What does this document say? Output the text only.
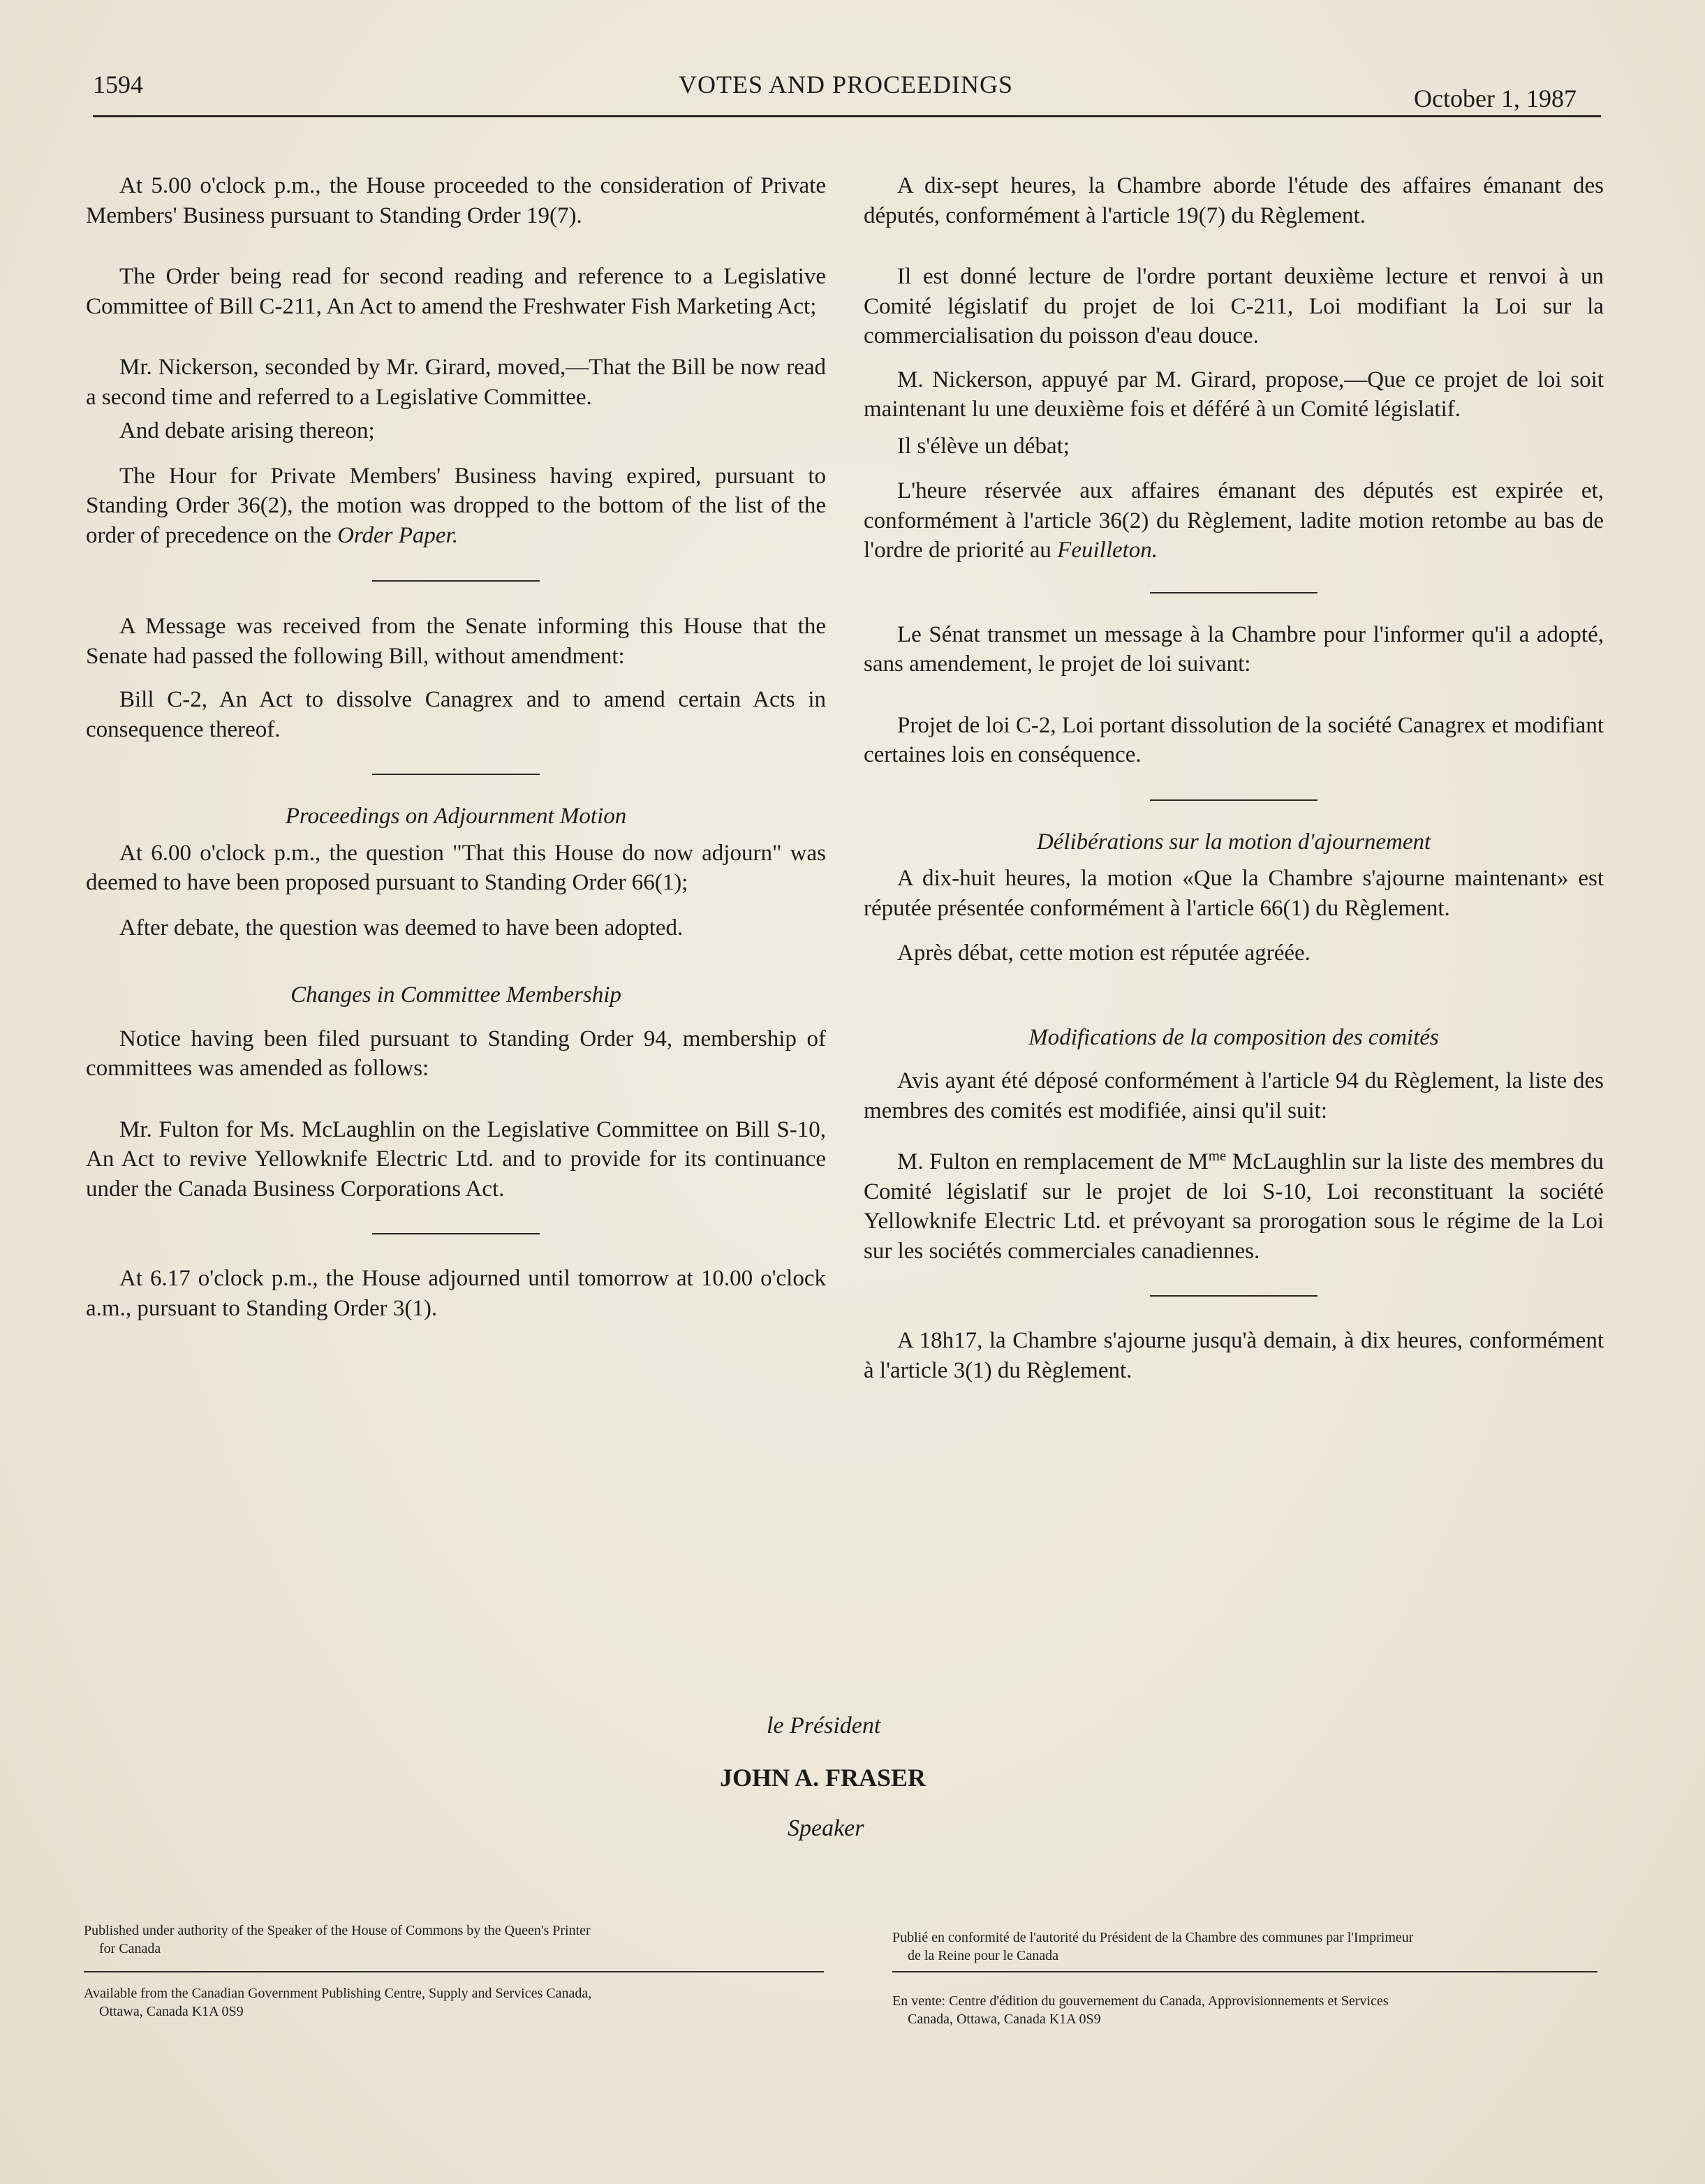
1594	VOTES AND PROCEEDINGS	October 1, 1987

At 5.00 o'clock p.m., the House proceeded to the consideration of Private Members' Business pursuant to Standing Order 19(7).

The Order being read for second reading and reference to a Legislative Committee of Bill C-211, An Act to amend the Freshwater Fish Marketing Act;

Mr. Nickerson, seconded by Mr. Girard, moved,—That the Bill be now read a second time and referred to a Legislative Committee.

And debate arising thereon;

The Hour for Private Members' Business having expired, pursuant to Standing Order 36(2), the motion was dropped to the bottom of the list of the order of precedence on the Order Paper.

A Message was received from the Senate informing this House that the Senate had passed the following Bill, without amendment:

Bill C-2, An Act to dissolve Canagrex and to amend certain Acts in consequence thereof.

Proceedings on Adjournment Motion

At 6.00 o'clock p.m., the question "That this House do now adjourn" was deemed to have been proposed pursuant to Standing Order 66(1);

After debate, the question was deemed to have been adopted.

Changes in Committee Membership

Notice having been filed pursuant to Standing Order 94, membership of committees was amended as follows:

Mr. Fulton for Ms. McLaughlin on the Legislative Committee on Bill S-10, An Act to revive Yellowknife Electric Ltd. and to provide for its continuance under the Canada Business Corporations Act.

At 6.17 o'clock p.m., the House adjourned until tomorrow at 10.00 o'clock a.m., pursuant to Standing Order 3(1).

A dix-sept heures, la Chambre aborde l'étude des affaires émanant des députés, conformément à l'article 19(7) du Règlement.

Il est donné lecture de l'ordre portant deuxième lecture et renvoi à un Comité législatif du projet de loi C-211, Loi modifiant la Loi sur la commercialisation du poisson d'eau douce.

M. Nickerson, appuyé par M. Girard, propose,—Que ce projet de loi soit maintenant lu une deuxième fois et déféré à un Comité législatif.

Il s'élève un débat;

L'heure réservée aux affaires émanant des députés est expirée et, conformément à l'article 36(2) du Règlement, ladite motion retombe au bas de l'ordre de priorité au Feuilleton.

Le Sénat transmet un message à la Chambre pour l'informer qu'il a adopté, sans amendement, le projet de loi suivant:

Projet de loi C-2, Loi portant dissolution de la société Canagrex et modifiant certaines lois en conséquence.

Délibérations sur la motion d'ajournement

A dix-huit heures, la motion «Que la Chambre s'ajourne maintenant» est réputée présentée conformément à l'article 66(1) du Règlement.

Après débat, cette motion est réputée agréée.

Modifications de la composition des comités

Avis ayant été déposé conformément à l'article 94 du Règlement, la liste des membres des comités est modifiée, ainsi qu'il suit:

M. Fulton en remplacement de $M^{me}$ McLaughlin sur la liste des membres du Comité législatif sur le projet de loi S-10, Loi reconstituant la société Yellowknife Electric Ltd. et prévoyant sa prorogation sous le régime de la Loi sur les sociétés commerciales canadiennes.

A 18h17, la Chambre s'ajourne jusqu'à demain, à dix heures, conformément à l'article 3(1) du Règlement.

le Président
JOHN A. FRASER
Speaker
Published under authority of the Speaker of the House of Commons by the Queen's Printer
for Canada
Publié en conformité de l'autorité du Président de la Chambre des communes par l'Imprimeur
de la Reine pour le Canada
Available from the Canadian Government Publishing Centre, Supply and Services Canada,
Ottawa, Canada K1A 0S9
En vente: Centre d'édition du gouvernement du Canada, Approvisionnements et Services
Canada, Ottawa, Canada K1A 0S9
